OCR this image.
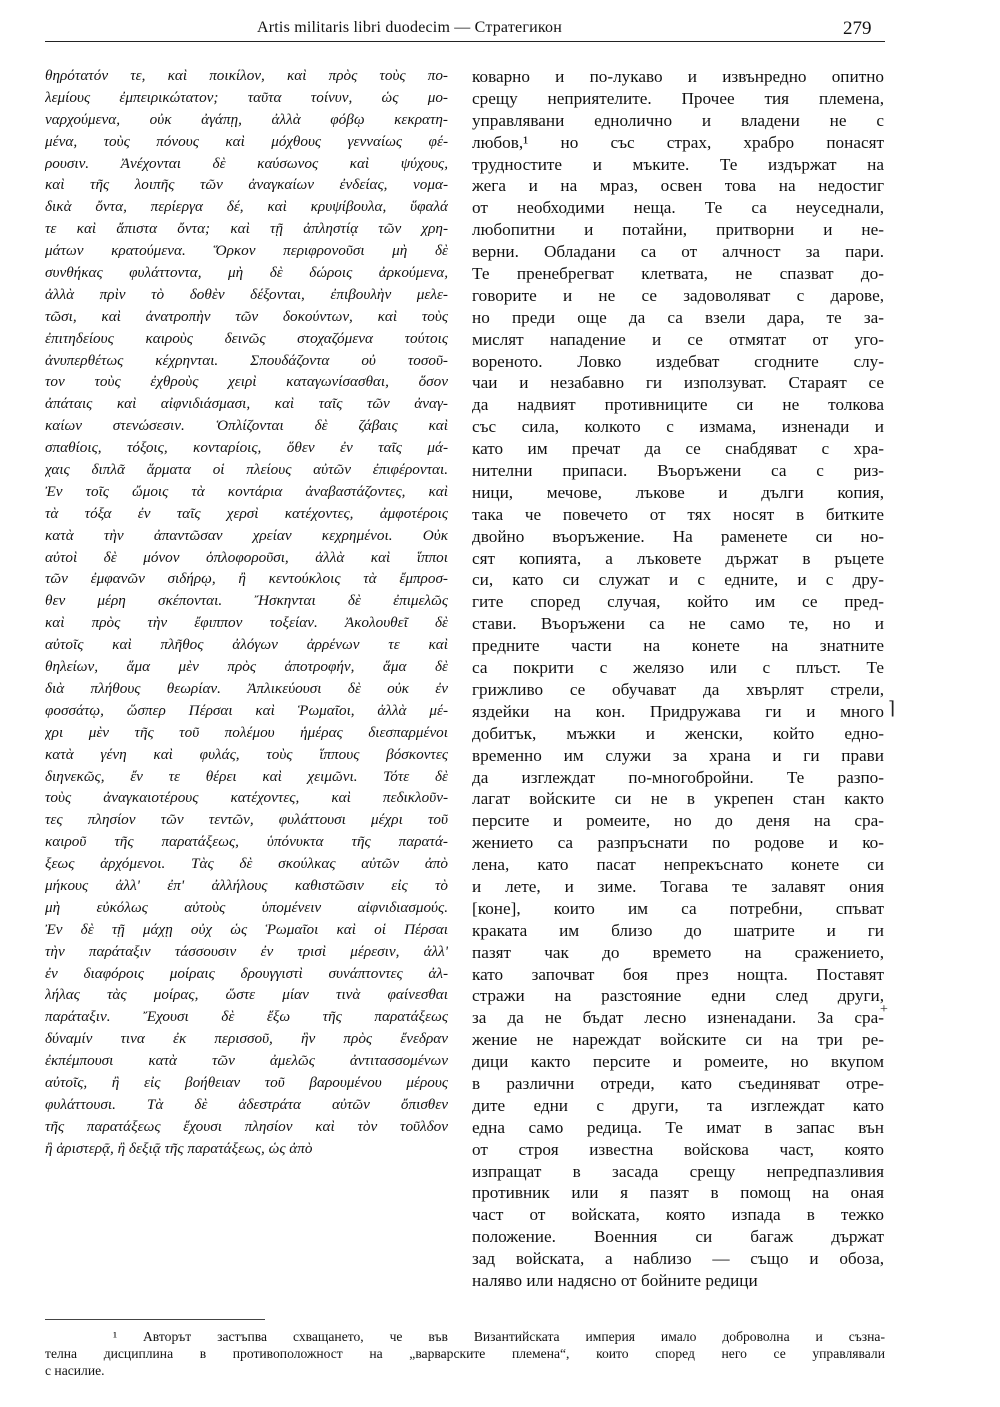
Artis militaris libri duodecim — Стратегикон	279
θηρότατόν τε, καὶ ποικίλον, καὶ πρὸς τοὺς πο-
λεμίους ἐμπειρικώτατον; ταῦτα τοίνυν, ὡς μο-
ναρχούμενα, οὐκ ἀγάπῃ, ἀλλὰ φόβῳ κεκρατη-
μένα, τοὺς πόνους καὶ μόχθους γενναίως φέ-
ρουσιν. Ἀνέχονται δὲ καύσωνος καὶ ψύχους,
καὶ τῆς λοιπῆς τῶν ἀναγκαίων ἐνδείας, νομα-
δικὰ ὄντα, περίεργα δέ, καὶ κρυψίβουλα, ὕφαλά
τε καὶ ἄπιστα ὄντα; καὶ τῇ ἀπληστίᾳ τῶν χρη-
μάτων κρατούμενα. Ὅρκον περιφρονοῦσι μὴ δὲ
συνθήκας φυλάττοντα, μὴ δὲ δώροις ἀρκούμενα,
ἀλλὰ πρὶν τὸ δοθὲν δέξονται, ἐπιβουλὴν μελε-
τῶσι, καὶ ἀνατροπὴν τῶν δοκούντων, καὶ τοὺς
ἐπιτηδείους καιροὺς δεινῶς στοχαζόμενα τούτοις
ἀνυπερθέτως κέχρηνται. Σπουδάζοντα οὐ τοσοῦ-
τον τοὺς ἐχθροὺς χειρὶ καταγωνίσασθαι, ὅσον
ἀπάταις καὶ αἰφνιδιάσμασι, καὶ ταῖς τῶν ἀναγ-
καίων στενώσεσιν. Ὁπλίζονται δὲ ζάβαις καὶ
σπαθίοις, τόξοις, κονταρίοις, ὅθεν ἐν ταῖς μά-
χαις διπλᾶ ἅρματα οἱ πλείους αὐτῶν ἐπιφέρονται.
Ἐν τοῖς ὤμοις τὰ κοντάρια ἀναβαστάζοντες, καὶ
τὰ τόξα ἐν ταῖς χερσὶ κατέχοντες, ἀμφοτέροις
κατὰ τὴν ἀπαντῶσαν χρείαν κεχρημένοι. Οὐκ
αὐτοὶ δὲ μόνον ὁπλοφοροῦσι, ἀλλὰ καὶ ἵπποι
τῶν ἐμφανῶν σιδήρῳ, ἢ κεντούκλοις τὰ ἔμπροσ-
θεν μέρη σκέπονται. Ἤσκηνται δὲ ἐπιμελῶς
καὶ πρὸς τὴν ἔφιππον τοξείαν. Ἀκολουθεῖ δὲ
αὐτοῖς καὶ πλῆθος ἀλόγων ἀρρένων τε καὶ
θηλείων, ἅμα μὲν πρὸς ἀποτροφήν, ἅμα δὲ
διὰ πλήθους θεωρίαν. Ἀπλικεύουσι δὲ οὐκ ἐν
φοσσάτῳ, ὥσπερ Πέρσαι καὶ Ῥωμαῖοι, ἀλλὰ μέ-
χρι μὲν τῆς τοῦ πολέμου ἡμέρας διεσπαρμένοι
κατὰ γένη καὶ φυλάς, τοὺς ἵππους βόσκοντες
διηνεκῶς, ἔν τε θέρει καὶ χειμῶνι. Τότε δὲ
τοὺς ἀναγκαιοτέρους κατέχοντες, καὶ πεδικλοῦν-
τες πλησίον τῶν τεντῶν, φυλάττουσι μέχρι τοῦ
καιροῦ τῆς παρατάξεως, ὑπόνυκτα τῆς παρατά-
ξεως ἀρχόμενοι. Τὰς δὲ σκούλκας αὐτῶν ἀπὸ
μήκους ἀλλ' ἐπ' ἀλλήλους καθιστῶσιν εἰς τὸ
μὴ εὐκόλως αὐτοὺς ὑπομένειν αἰφνιδιασμούς.
Ἐν δὲ τῇ μάχῃ οὐχ ὡς Ῥωμαῖοι καὶ οἱ Πέρσαι
τὴν παράταξιν τάσσουσιν ἐν τρισὶ μέρεσιν, ἀλλ'
ἐν διαφόροις μοίραις δρουγγιστὶ συνάπτοντες ἀλ-
λήλας τὰς μοίρας, ὥστε μίαν τινὰ φαίνεσθαι
παράταξιν. Ἔχουσι δὲ ἔξω τῆς παρατάξεως
δύναμίν τινα ἐκ περισσοῦ, ἣν πρὸς ἔνεδραν
ἐκπέμπουσι κατὰ τῶν ἀμελῶς ἀντιτασσομένων
αὐτοῖς, ἢ εἰς βοήθειαν τοῦ βαρουμένου μέρους
φυλάττουσι. Τὰ δὲ ἀδεστράτα αὐτῶν ὄπισθεν
τῆς παρατάξεως ἔχουσι πλησίον καὶ τὸν τοῦλδον
ἢ ἀριστερᾷ, ἢ δεξιᾷ τῆς παρατάξεως, ὡς ἀπὸ
коварно и по-лукаво и извънредно опитно
срещу неприятелите. Прочее тия племена,
управлявани еднолично и владени не с
любов,¹ но със страх, храбро понасят
трудностите и мъките. Те издържат на
жега и на мраз, освен това на недостиг
от необходими неща. Те са неуседнали,
любопитни и потайни, притворни и не-
верни. Обладани са от алчност за пари.
Те пренебрегват клетвата, не спазват до-
говорите и не се задоволяват с дарове,
но преди още да са взели дара, те за-
мислят нападение и се отмятат от уго-
вореното. Ловко издебват сгодните слу-
чаи и незабавно ги използуват. Стараят се
да надвият противниците си не толкова
със сила, колкото с измама, изненади и
като им пречат да се снабдяват с хра-
нителни припаси. Въоръжени са с риз-
ници, мечове, лъкове и дълги копия,
така че повечето от тях носят в битките
двойно въоръжение. На раменете си но-
сят копията, а лъковете държат в ръцете
си, като си служат и с едните, и с дру-
гите според случая, който им се пред-
стави. Въоръжени са не само те, но и
предните части на конете на знатните
са покрити с желязо или с плъст. Те
грижливо се обучават да хвърлят стрели,
яздейки на кон. Придружава ги и много
добитък, мъжки и женски, който едно-
временно им служи за храна и ги прави
да изглеждат по-многобройни. Те разпо-
лагат войските си не в укрепен стан както
персите и ромеите, но до деня на сра-
жението са разпръснати по родове и ко-
лена, като пасат непрекъснато конете си
и лете, и зиме. Тогава те залавят ония
[коне], които им са потребни, спъват
краката им близо до шатрите и ги
пазят чак до времето на сражението,
като започват боя през нощта. Поставят
стражи на разстояние едни след други,
за да не бъдат лесно изненадани. За сра-
жение не нареждат войските си на три ре-
дици както персите и ромеите, но вкупом
в различни отреди, като съединяват отре-
дите едни с други, та изглеждат като
една само редица. Те имат в запас вън
от строя известна войскова част, която
изпращат в засада срещу непредпазливия
противник или я пазят в помощ на оная
част от войската, която изпада в тежко
положение. Военния си багаж държат
зад войската, а наблизо — също и обоза,
наляво или надясно от бойните редици
⌉
+
¹ Авторът застъпва схващането, че във Византийската империя имало доброволна и съзна-
телна дисциплина в противоположност на „варварските племена“, които според него се управлявали
с насилие.
